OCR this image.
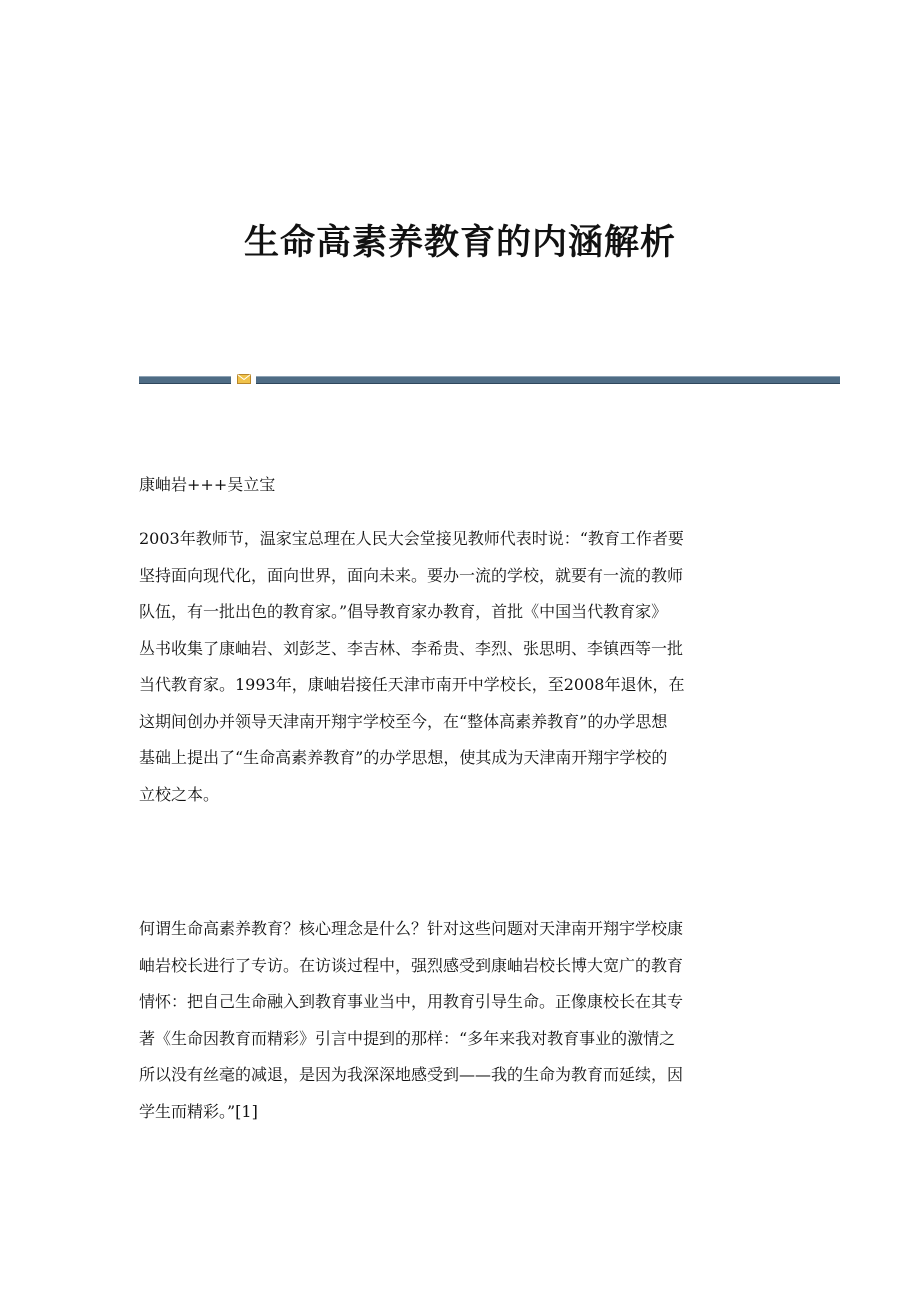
生命高素养教育的内涵解析

康岫岩+++吴立宝

2003年教师节，温家宝总理在人民大会堂接见教师代表时说：“教育工作者要
坚持面向现代化，面向世界，面向未来。要办一流的学校，就要有一流的教师
队伍，有一批出色的教育家。”倡导教育家办教育，首批《中国当代教育家》
丛书收集了康岫岩、刘彭芝、李吉林、李希贵、李烈、张思明、李镇西等一批
当代教育家。1993年，康岫岩接任天津市南开中学校长，至2008年退休，在
这期间创办并领导天津南开翔宇学校至今，在“整体高素养教育”的办学思想
基础上提出了“生命高素养教育”的办学思想，使其成为天津南开翔宇学校的
立校之本。

何谓生命高素养教育？核心理念是什么？针对这些问题对天津南开翔宇学校康
岫岩校长进行了专访。在访谈过程中，强烈感受到康岫岩校长博大宽广的教育
情怀：把自己生命融入到教育事业当中，用教育引导生命。正像康校长在其专
著《生命因教育而精彩》引言中提到的那样：“多年来我对教育事业的激情之
所以没有丝毫的减退，是因为我深深地感受到——我的生命为教育而延续，因
学生而精彩。”[1]
